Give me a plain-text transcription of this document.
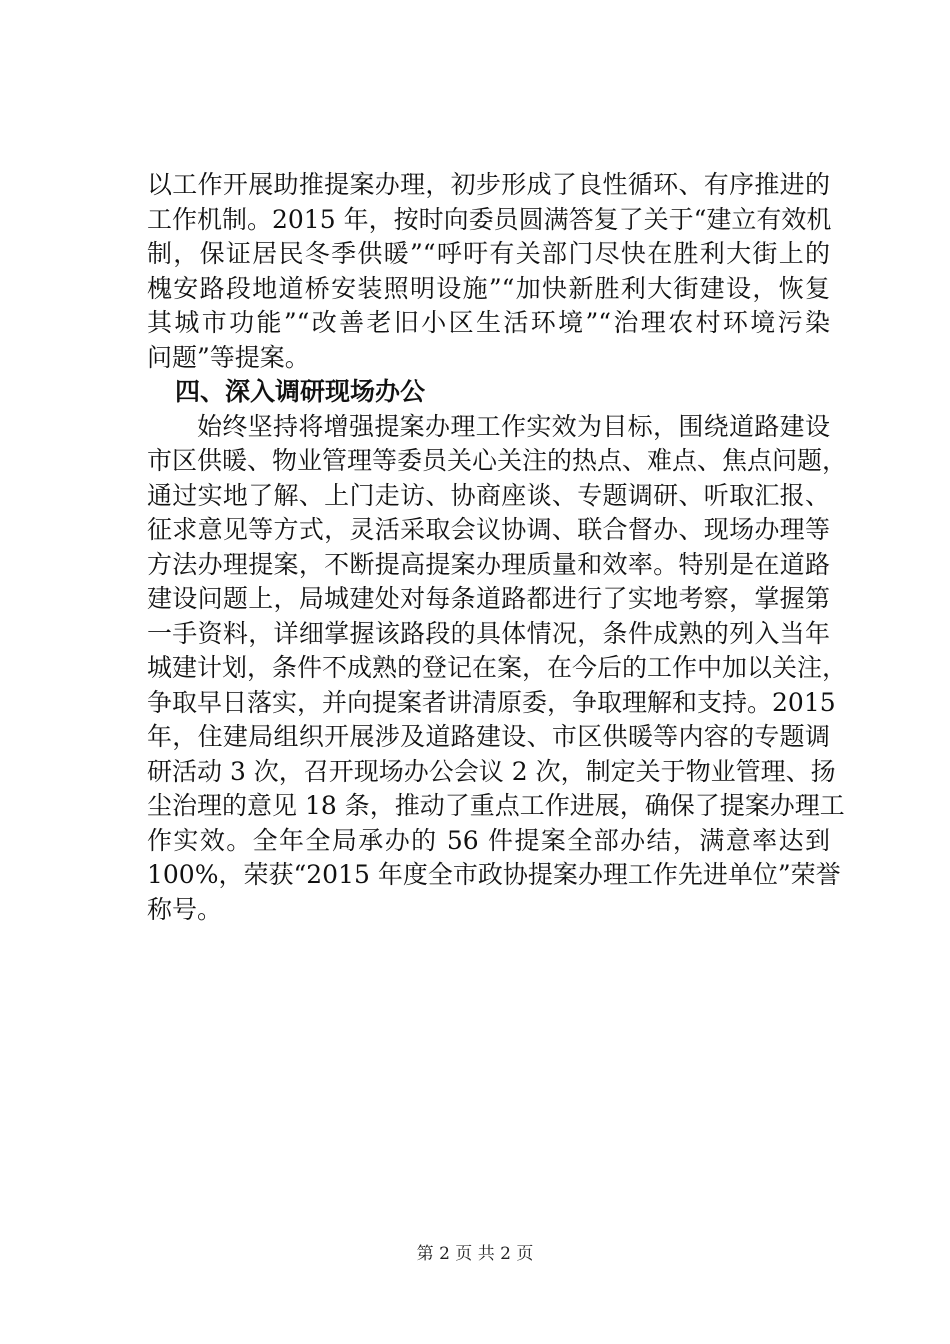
以工作开展助推提案办理，初步形成了良性循环、有序推进的
工作机制。2015 年，按时向委员圆满答复了关于“建立有效机
制，保证居民冬季供暖”“呼吁有关部门尽快在胜利大街上的
槐安路段地道桥安装照明设施”“加快新胜利大街建设，恢复
其城市功能”“改善老旧小区生活环境”“治理农村环境污染
问题”等提案。
四、深入调研现场办公
始终坚持将增强提案办理工作实效为目标，围绕道路建设
市区供暖、物业管理等委员关心关注的热点、难点、焦点问题，
通过实地了解、上门走访、协商座谈、专题调研、听取汇报、
征求意见等方式，灵活采取会议协调、联合督办、现场办理等
方法办理提案，不断提高提案办理质量和效率。特别是在道路
建设问题上，局城建处对每条道路都进行了实地考察，掌握第
一手资料，详细掌握该路段的具体情况，条件成熟的列入当年
城建计划，条件不成熟的登记在案，在今后的工作中加以关注，
争取早日落实，并向提案者讲清原委，争取理解和支持。2015
年，住建局组织开展涉及道路建设、市区供暖等内容的专题调
研活动 3 次，召开现场办公会议 2 次，制定关于物业管理、扬
尘治理的意见 18 条，推动了重点工作进展，确保了提案办理工
作实效。全年全局承办的 56 件提案全部办结，满意率达到
100%，荣获“2015 年度全市政协提案办理工作先进单位”荣誉
称号。
第 2 页 共 2 页
